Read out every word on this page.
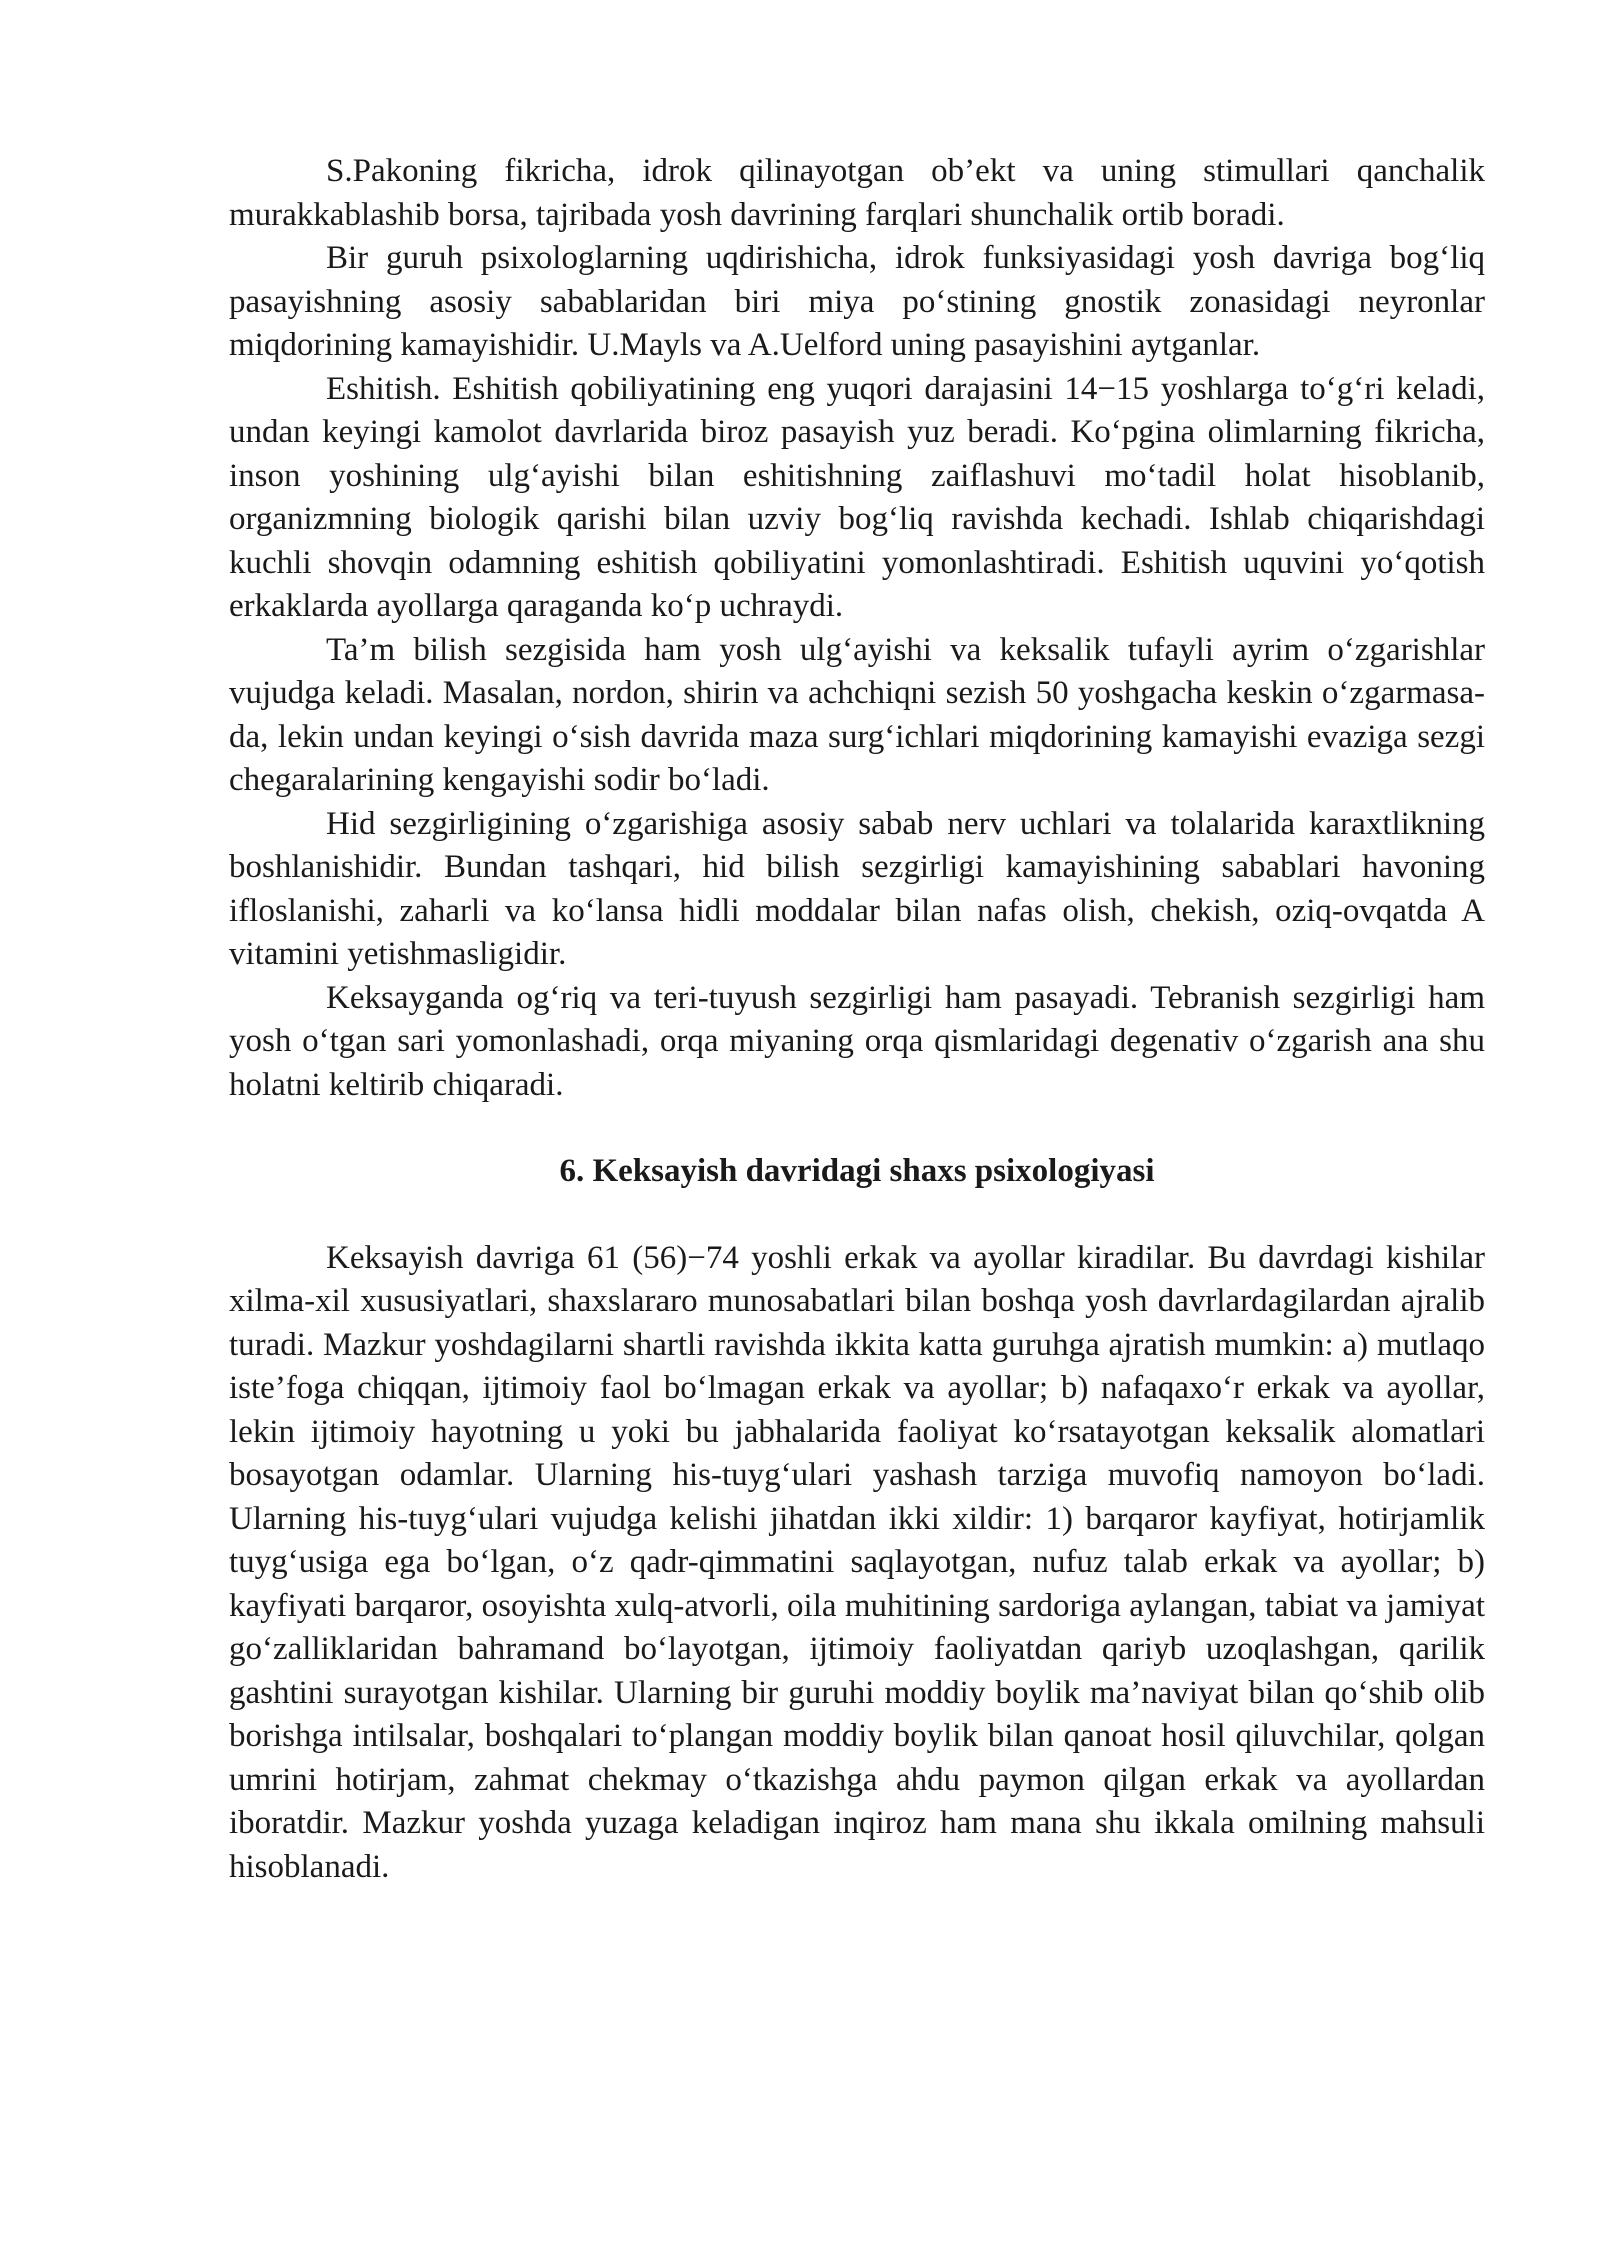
S.Pakoning fikricha, idrok qilinayotgan ob’ekt va uning stimullari qanchalik murakkablashib borsa, tajribada yosh davrining farqlari shunchalik ortib boradi.

Bir guruh psixologlarning uqdirishicha, idrok funksiyasidagi yosh davriga bog‘liq pasayishning asosiy sabablaridan biri miya po‘stining gnostik zonasidagi neyronlar miqdorining kamayishidir. U.Mayls va A.Uelford uning pasayishini aytganlar.

Eshitish. Eshitish qobiliyatining eng yuqori darajasini 14−15 yoshlarga to‘g‘ri keladi, undan keyingi kamolot davrlarida biroz pasayish yuz beradi. Ko‘pgina olimlarning fikricha, inson yoshining ulg‘ayishi bilan eshitishning zaiflashuvi mo‘tadil holat hisoblanib, organizmning biologik qarishi bilan uzviy bog‘liq ravishda kechadi. Ishlab chiqarishdagi kuchli shovqin odamning eshitish qobiliyatini yomonlashtiradi. Eshitish uquvini yo‘qotish erkaklarda ayollarga qaraganda ko‘p uchraydi.

Ta’m bilish sezgisida ham yosh ulg‘ayishi va keksalik tufayli ayrim o‘zgarishlar vujudga keladi. Masalan, nordon, shirin va achchiqni sezish 50 yoshgacha keskin o‘zgarmasa-da, lekin undan keyingi o‘sish davrida maza surg‘ichlari miqdorining kamayishi evaziga sezgi chegaralarining kengayishi sodir bo‘ladi.

Hid sezgirligining o‘zgarishiga asosiy sabab nerv uchlari va tolalarida karaxtlikning boshlanishidir. Bundan tashqari, hid bilish sezgirligi kamayishining sabablari havoning ifloslanishi, zaharli va ko‘lansa hidli moddalar bilan nafas olish, chekish, oziq-ovqatda A vitamini yetishmasligidir.

Keksayganda og‘riq va teri-tuyush sezgirligi ham pasayadi. Tebranish sezgirligi ham yosh o‘tgan sari yomonlashadi, orqa miyaning orqa qismlaridagi degenativ o‘zgarish ana shu holatni keltirib chiqaradi.

6. Keksayish davridagi shaxs psixologiyasi

Keksayish davriga 61 (56)−74 yoshli erkak va ayollar kiradilar. Bu davrdagi kishilar xilma-xil xususiyatlari, shaxslararo munosabatlari bilan boshqa yosh davrlardagilardan ajralib turadi. Mazkur yoshdagilarni shartli ravishda ikkita katta guruhga ajratish mumkin: a) mutlaqo iste’foga chiqqan, ijtimoiy faol bo‘lmagan erkak va ayollar; b) nafaqaxo‘r erkak va ayollar, lekin ijtimoiy hayotning u yoki bu jabhalarida faoliyat ko‘rsatayotgan keksalik alomatlari bosayotgan odamlar. Ularning his-tuyg‘ulari yashash tarziga muvofiq namoyon bo‘ladi. Ularning his-tuyg‘ulari vujudga kelishi jihatdan ikki xildir: 1) barqaror kayfiyat, hotirjamlik tuyg‘usiga ega bo‘lgan, o‘z qadr-qimmatini saqlayotgan, nufuz talab erkak va ayollar; b) kayfiyati barqaror, osoyishta xulq-atvorli, oila muhitining sardoriga aylangan, tabiat va jamiyat go‘zalliklaridan bahramand bo‘layotgan, ijtimoiy faoliyatdan qariyb uzoqlashgan, qarilik gashtini surayotgan kishilar. Ularning bir guruhi moddiy boylik ma’naviyat bilan qo‘shib olib borishga intilsalar, boshqalari to‘plangan moddiy boylik bilan qanoat hosil qiluvchilar, qolgan umrini hotirjam, zahmat chekmay o‘tkazishga ahdu paymon qilgan erkak va ayollardan iboratdir. Mazkur yoshda yuzaga keladigan inqiroz ham mana shu ikkala omilning mahsuli hisoblanadi.
